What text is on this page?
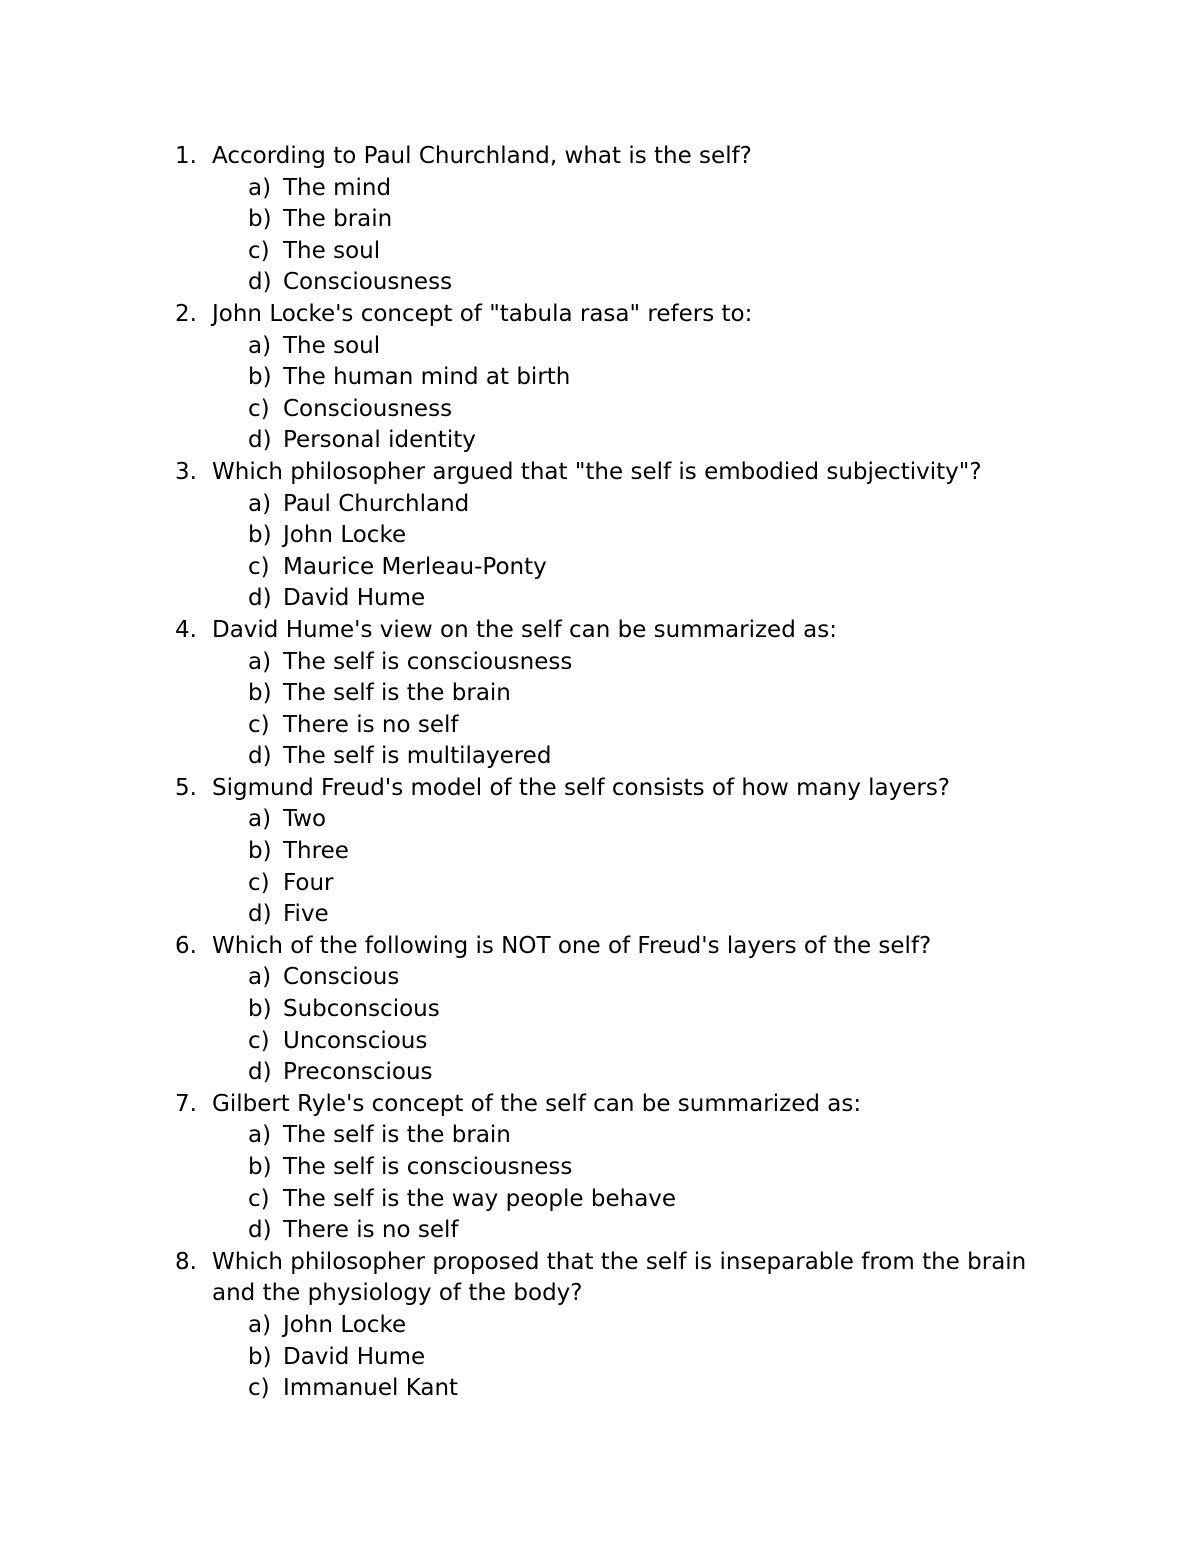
1. According to Paul Churchland, what is the self?
a) The mind
b) The brain
c) The soul
d) Consciousness
2. John Locke's concept of "tabula rasa" refers to:
a) The soul
b) The human mind at birth
c) Consciousness
d) Personal identity
3. Which philosopher argued that "the self is embodied subjectivity"?
a) Paul Churchland
b) John Locke
c) Maurice Merleau-Ponty
d) David Hume
4. David Hume's view on the self can be summarized as:
a) The self is consciousness
b) The self is the brain
c) There is no self
d) The self is multilayered
5. Sigmund Freud's model of the self consists of how many layers?
a) Two
b) Three
c) Four
d) Five
6. Which of the following is NOT one of Freud's layers of the self?
a) Conscious
b) Subconscious
c) Unconscious
d) Preconscious
7. Gilbert Ryle's concept of the self can be summarized as:
a) The self is the brain
b) The self is consciousness
c) The self is the way people behave
d) There is no self
8. Which philosopher proposed that the self is inseparable from the brain
and the physiology of the body?
a) John Locke
b) David Hume
c) Immanuel Kant
